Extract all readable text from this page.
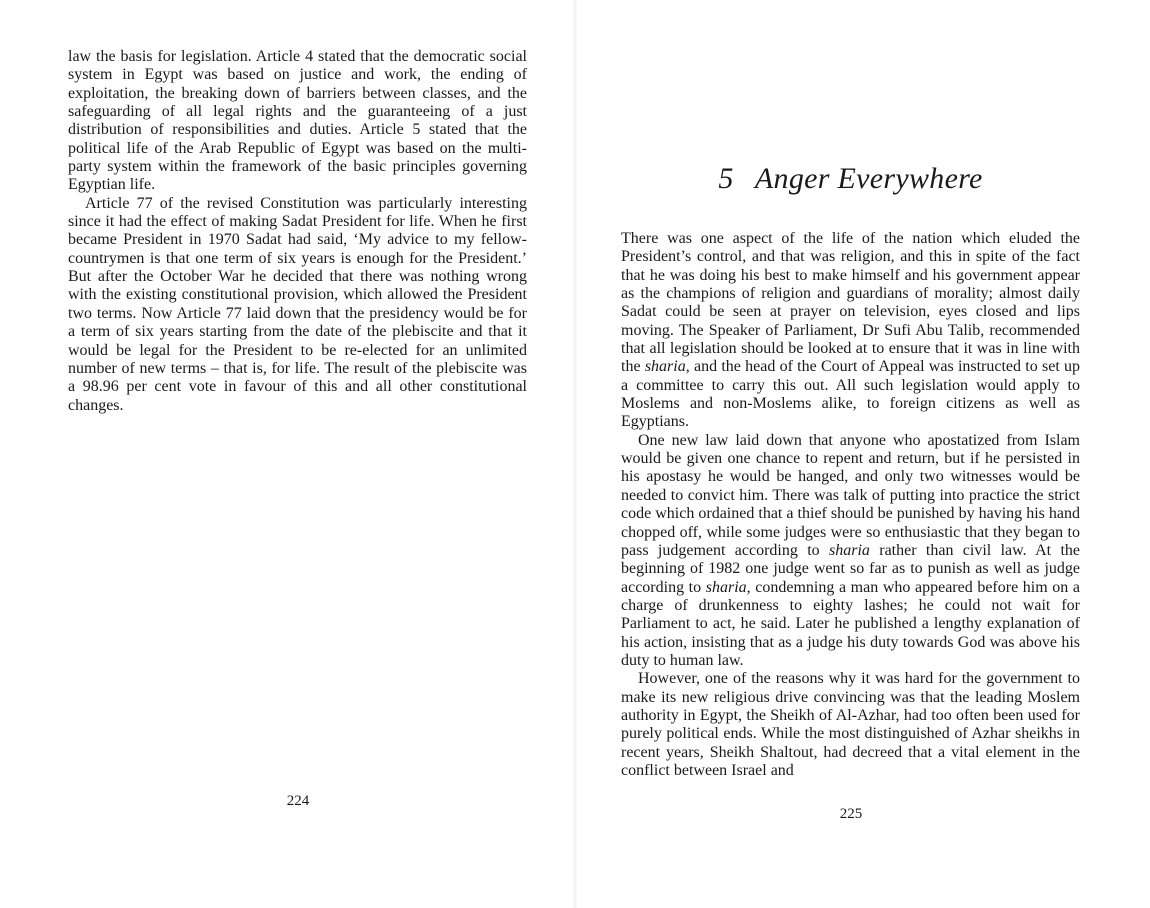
law the basis for legislation. Article 4 stated that the democratic social system in Egypt was based on justice and work, the ending of exploitation, the breaking down of barriers between classes, and the safeguarding of all legal rights and the guaranteeing of a just distribution of responsibilities and duties. Article 5 stated that the political life of the Arab Republic of Egypt was based on the multi-party system within the framework of the basic principles governing Egyptian life.

Article 77 of the revised Constitution was particularly interesting since it had the effect of making Sadat President for life. When he first became President in 1970 Sadat had said, ‘My advice to my fellow-countrymen is that one term of six years is enough for the President.’ But after the October War he decided that there was nothing wrong with the existing constitutional provision, which allowed the President two terms. Now Article 77 laid down that the presidency would be for a term of six years starting from the date of the plebiscite and that it would be legal for the President to be re-elected for an unlimited number of new terms – that is, for life. The result of the plebiscite was a 98.96 per cent vote in favour of this and all other constitutional changes.

224
5 Anger Everywhere

There was one aspect of the life of the nation which eluded the President’s control, and that was religion, and this in spite of the fact that he was doing his best to make himself and his government appear as the champions of religion and guardians of morality; almost daily Sadat could be seen at prayer on television, eyes closed and lips moving. The Speaker of Parliament, Dr Sufi Abu Talib, recommended that all legislation should be looked at to ensure that it was in line with the sharia, and the head of the Court of Appeal was instructed to set up a committee to carry this out. All such legislation would apply to Moslems and non-Moslems alike, to foreign citizens as well as Egyptians.

One new law laid down that anyone who apostatized from Islam would be given one chance to repent and return, but if he persisted in his apostasy he would be hanged, and only two witnesses would be needed to convict him. There was talk of putting into practice the strict code which ordained that a thief should be punished by having his hand chopped off, while some judges were so enthusiastic that they began to pass judgement according to sharia rather than civil law. At the beginning of 1982 one judge went so far as to punish as well as judge according to sharia, condemning a man who appeared before him on a charge of drunkenness to eighty lashes; he could not wait for Parliament to act, he said. Later he published a lengthy explanation of his action, insisting that as a judge his duty towards God was above his duty to human law.

However, one of the reasons why it was hard for the government to make its new religious drive convincing was that the leading Moslem authority in Egypt, the Sheikh of Al-Azhar, had too often been used for purely political ends. While the most distinguished of Azhar sheikhs in recent years, Sheikh Shaltout, had decreed that a vital element in the conflict between Israel and

225
